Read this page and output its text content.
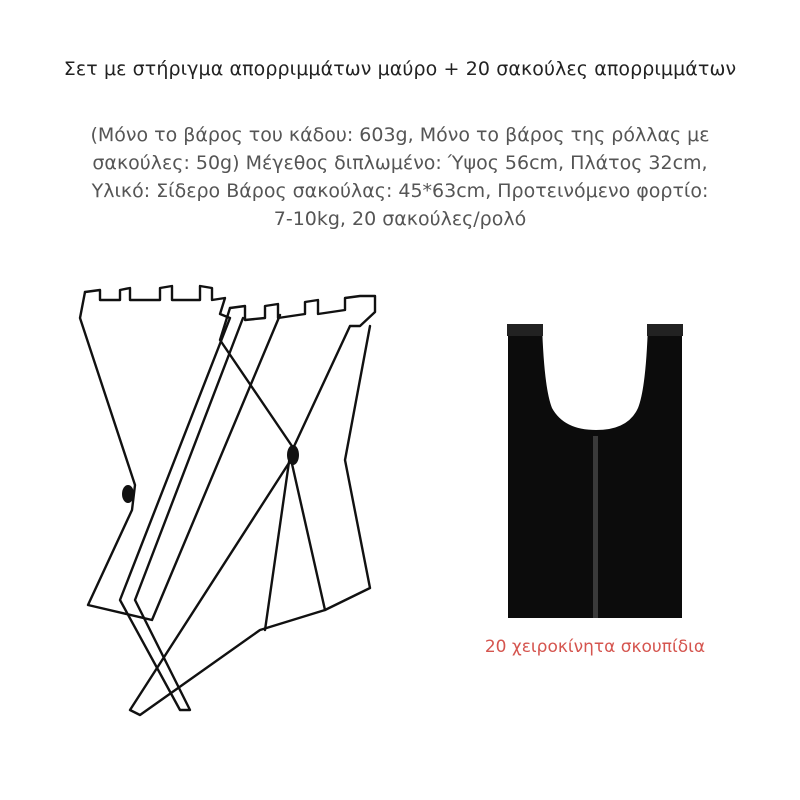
Σετ με στήριγμα απορριμμάτων μαύρο + 20 σακούλες απορριμμάτων
(Μόνο το βάρος του κάδου: 603g, Μόνο το βάρος της ρόλλας με
σακούλες: 50g) Μέγεθος διπλωμένο: Ύψος 56cm, Πλάτος 32cm,
Υλικό: Σίδερο Βάρος σακούλας: 45*63cm, Προτεινόμενο φορτίο:
7-10kg, 20 σακούλες/ρολό
20 χειροκίνητα σκουπίδια
